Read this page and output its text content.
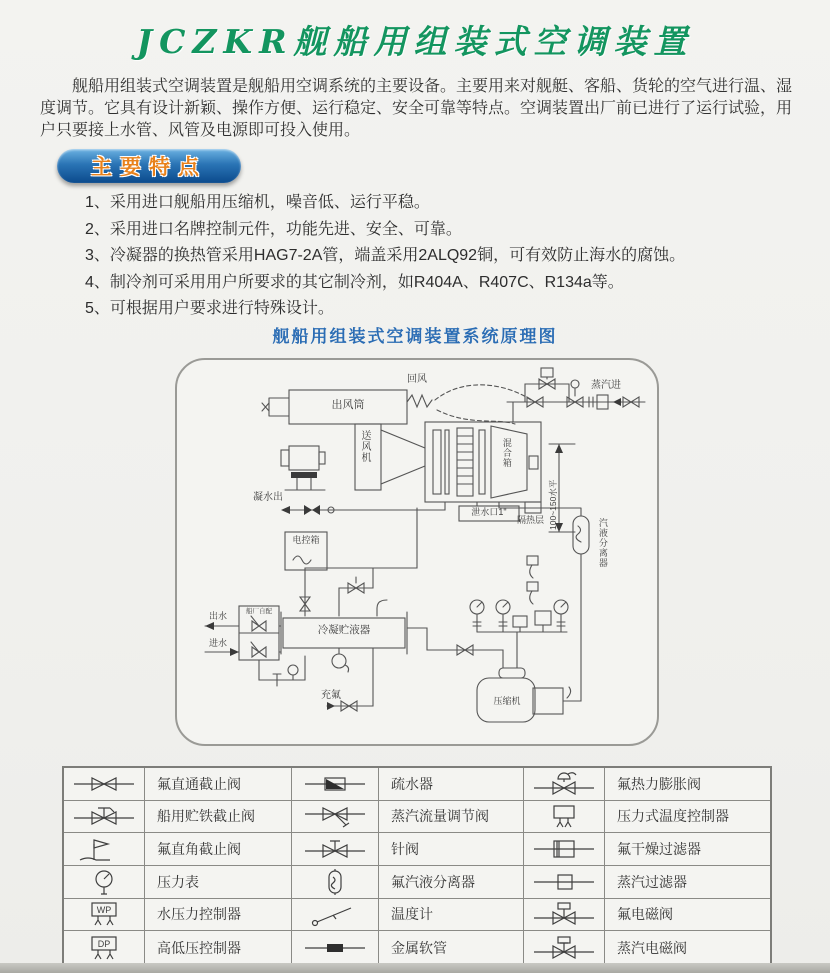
JCZKR舰船用组装式空调装置
舰船用组装式空调装置是舰船用空调系统的主要设备。主要用来对舰艇、客船、货轮的空气进行温、湿度调节。它具有设计新颖、操作方便、运行稳定、安全可靠等特点。空调装置出厂前已进行了运行试验，用户只要接上水管、风管及电源即可投入使用。
主要特点
1、采用进口舰船用压缩机，噪音低、运行平稳。
2、采用进口名牌控制元件，功能先进、安全、可靠。
3、冷凝器的换热管采用HAG7-2A管，端盖采用2ALQ92铜，可有效防止海水的腐蚀。
4、制冷剂可采用用户所要求的其它制冷剂，如R404A、R407C、R134a等。
5、可根据用户要求进行特殊设计。
舰船用组装式空调装置系统原理图
出风筒
送风机
回风
蒸汽进
混合箱
凝水出
泄水口1"	100~150水平
电控箱
隔热层	汽液分离器
冷凝贮液器
船厂自配
出水
进水
充氟	压缩机
氟直通截止阀	疏水器	氟热力膨胀阀
船用贮铁截止阀	蒸汽流量调节阀	压力式温度控制器
氟直角截止阀	针阀	氟干燥过滤器
压力表	氟汽液分离器	蒸汽过滤器
WP	水压力控制器	温度计	氟电磁阀
DP	高低压控制器	金属软管	蒸汽电磁阀
